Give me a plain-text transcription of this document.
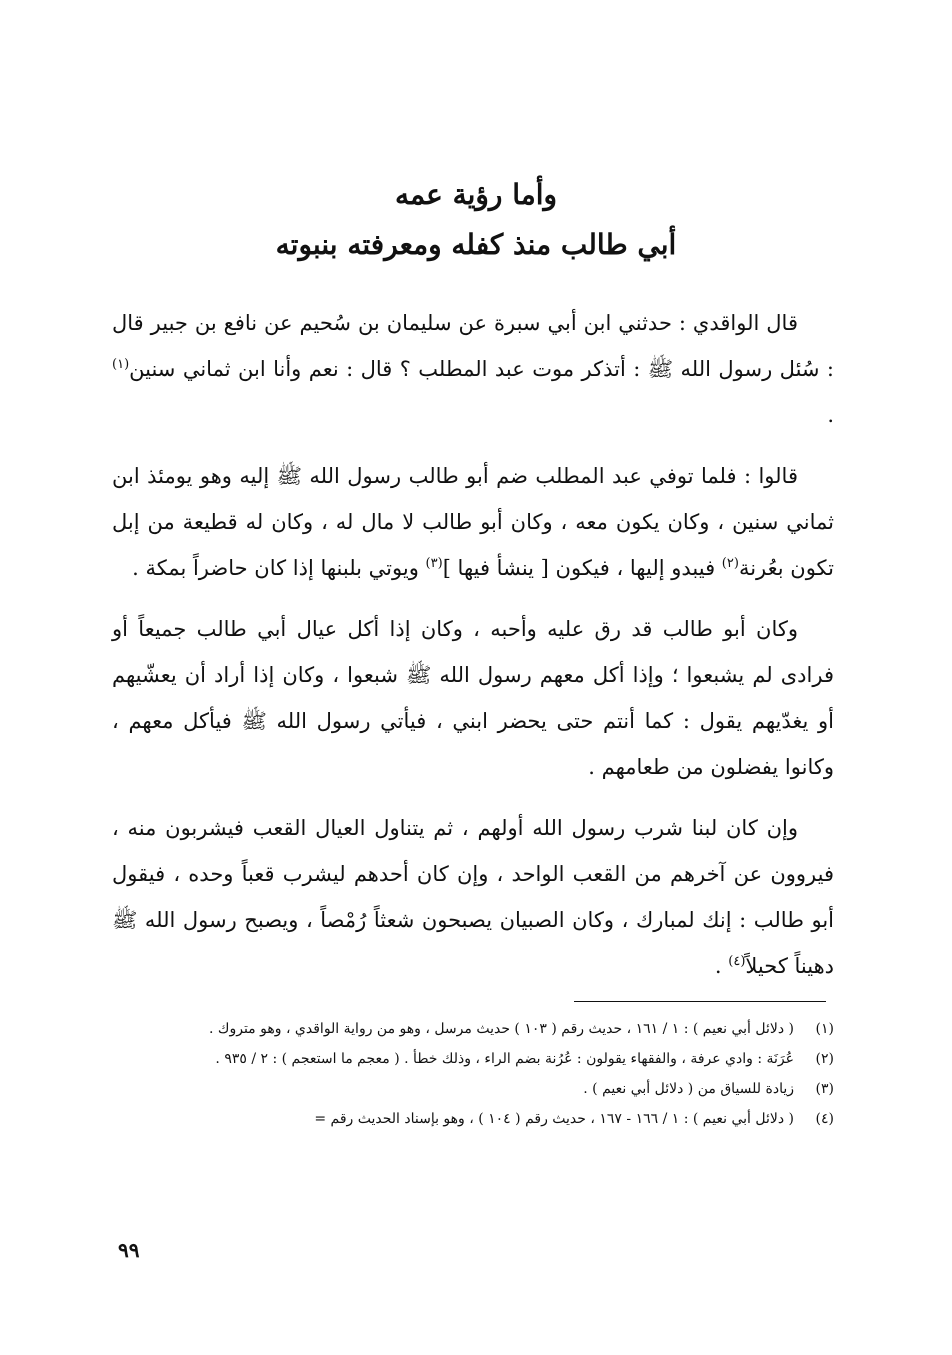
وأما رؤية عمه
أبي طالب منذ كفله ومعرفته بنبوته

قال الواقدي : حدثني ابن أبي سبرة عن سليمان بن سُحيم عن نافع بن جبير قال : سُئل رسول الله ﷺ : أتذكر موت عبد المطلب ؟ قال : نعم وأنا ابن ثماني سنين$^{(١)}$ .

قالوا : فلما توفي عبد المطلب ضم أبو طالب رسول الله ﷺ إليه وهو يومئذ ابن ثماني سنين ، وكان يكون معه ، وكان أبو طالب لا مال له ، وكان له قطيعة من إبل تكون بعُرنة$^{(٢)}$ فيبدو إليها ، فيكون [ ينشأ فيها ]$^{(٣)}$ ويوتي بلبنها إذا كان حاضراً بمكة .

وكان أبو طالب قد رق عليه وأحبه ، وكان إذا أكل عيال أبي طالب جميعاً أو فرادى لم يشبعوا ؛ وإذا أكل معهم رسول الله ﷺ شبعوا ، وكان إذا أراد أن يعشّيهم أو يغدّيهم يقول : كما أنتم حتى يحضر ابني ، فيأتي رسول الله ﷺ فيأكل معهم ، وكانوا يفضلون من طعامهم .

وإن كان لبنا شرب رسول الله أولهم ، ثم يتناول العيال القعب فيشربون منه ، فيروون عن آخرهم من القعب الواحد ، وإن كان أحدهم ليشرب قعباً وحده ، فيقول أبو طالب : إنك لمبارك ، وكان الصبيان يصبحون شعثاً رُمْصاً ، ويصبح رسول الله ﷺ دهيناً كحيلاً$^{(٤)}$ .

(١)
( دلائل أبي نعيم ) : ١ / ١٦١ ، حديث رقم ( ١٠٣ ) حديث مرسل ، وهو من رواية الواقدي ، وهو متروك .
(٢)
عُرَنَة : وادي عرفة ، والفقهاء يقولون : عُرُنة بضم الراء ، وذلك خطأ . ( معجم ما استعجم ) : ٢ / ٩٣٥ .
(٣)
زيادة للسياق من ( دلائل أبي نعيم ) .
(٤)
( دلائل أبي نعيم ) : ١ / ١٦٦ - ١٦٧ ، حديث رقم ( ١٠٤ ) ، وهو بإسناد الحديث رقم =
٩٩
